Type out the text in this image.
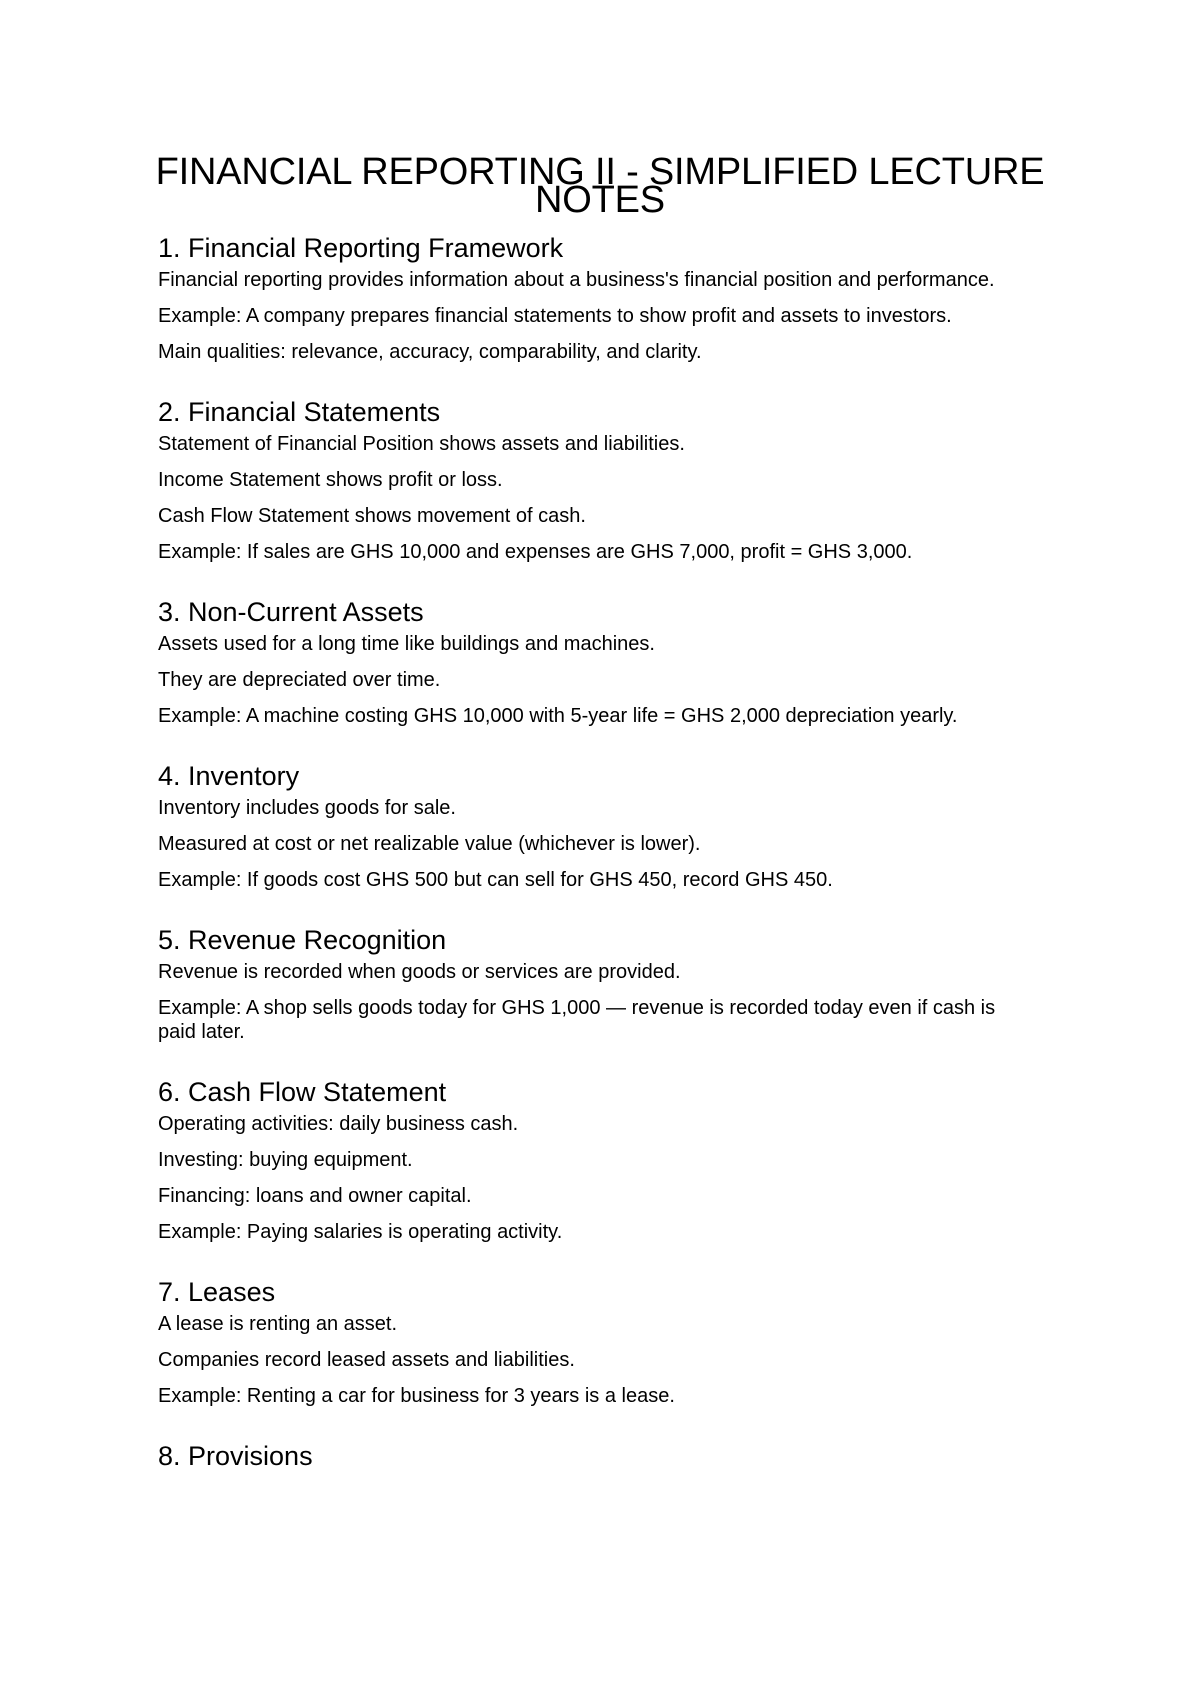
FINANCIAL REPORTING II - SIMPLIFIED LECTURE NOTES
1. Financial Reporting Framework

Financial reporting provides information about a business's financial position and performance.

Example: A company prepares financial statements to show profit and assets to investors.

Main qualities: relevance, accuracy, comparability, and clarity.

2. Financial Statements

Statement of Financial Position shows assets and liabilities.

Income Statement shows profit or loss.

Cash Flow Statement shows movement of cash.

Example: If sales are GHS 10,000 and expenses are GHS 7,000, profit = GHS 3,000.

3. Non-Current Assets

Assets used for a long time like buildings and machines.

They are depreciated over time.

Example: A machine costing GHS 10,000 with 5-year life = GHS 2,000 depreciation yearly.

4. Inventory

Inventory includes goods for sale.

Measured at cost or net realizable value (whichever is lower).

Example: If goods cost GHS 500 but can sell for GHS 450, record GHS 450.

5. Revenue Recognition

Revenue is recorded when goods or services are provided.

Example: A shop sells goods today for GHS 1,000 — revenue is recorded today even if cash is paid later.

6. Cash Flow Statement

Operating activities: daily business cash.

Investing: buying equipment.

Financing: loans and owner capital.

Example: Paying salaries is operating activity.

7. Leases

A lease is renting an asset.

Companies record leased assets and liabilities.

Example: Renting a car for business for 3 years is a lease.

8. Provisions
